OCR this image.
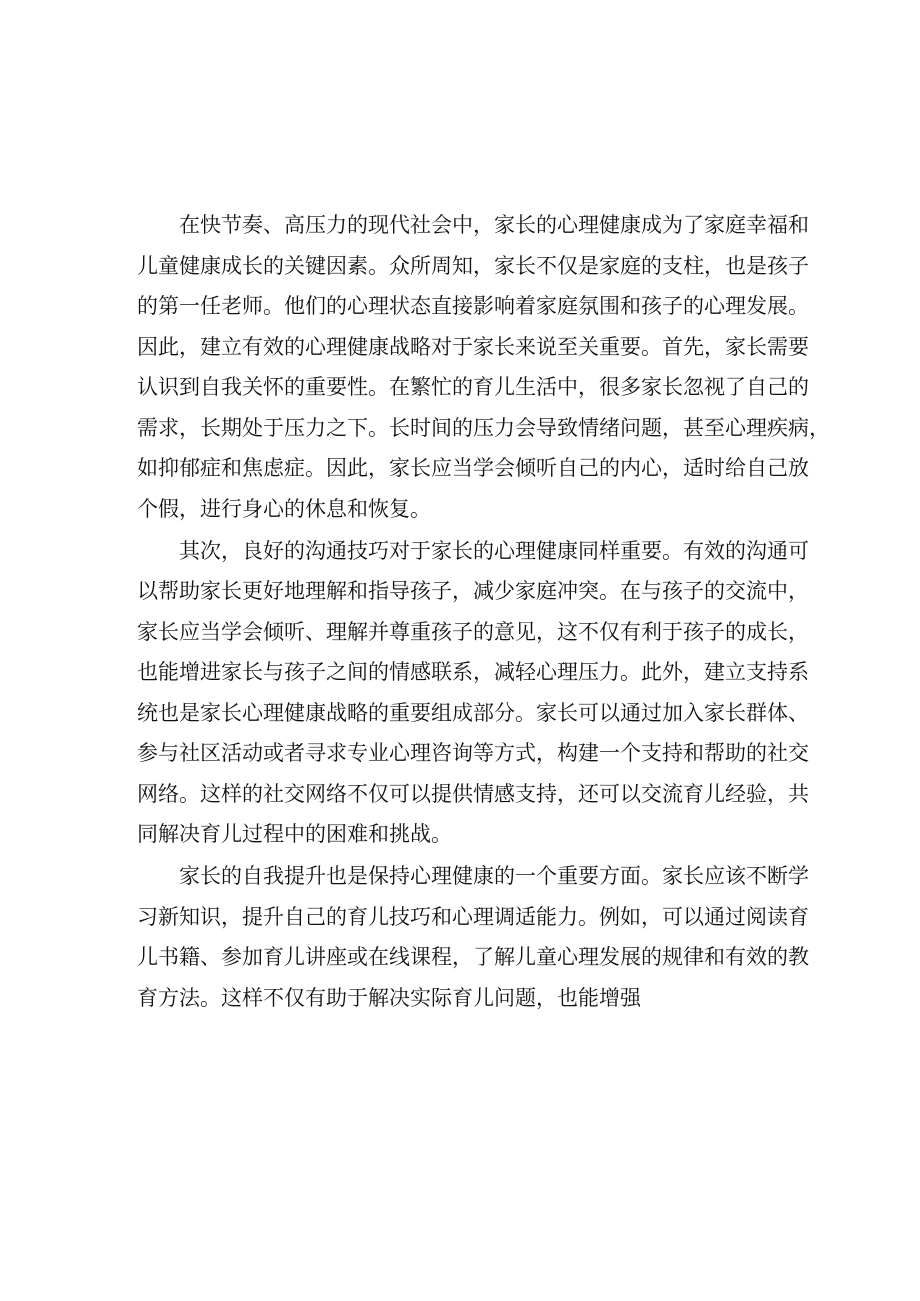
在快节奏、高压力的现代社会中，家长的心理健康成为了家庭幸福和
儿童健康成长的关键因素。众所周知，家长不仅是家庭的支柱，也是孩子
的第一任老师。他们的心理状态直接影响着家庭氛围和孩子的心理发展。
因此，建立有效的心理健康战略对于家长来说至关重要。首先，家长需要
认识到自我关怀的重要性。在繁忙的育儿生活中，很多家长忽视了自己的
需求，长期处于压力之下。长时间的压力会导致情绪问题，甚至心理疾病，
如抑郁症和焦虑症。因此，家长应当学会倾听自己的内心，适时给自己放
个假，进行身心的休息和恢复。
其次，良好的沟通技巧对于家长的心理健康同样重要。有效的沟通可
以帮助家长更好地理解和指导孩子，减少家庭冲突。在与孩子的交流中，
家长应当学会倾听、理解并尊重孩子的意见，这不仅有利于孩子的成长，
也能增进家长与孩子之间的情感联系，减轻心理压力。此外，建立支持系
统也是家长心理健康战略的重要组成部分。家长可以通过加入家长群体、
参与社区活动或者寻求专业心理咨询等方式，构建一个支持和帮助的社交
网络。这样的社交网络不仅可以提供情感支持，还可以交流育儿经验，共
同解决育儿过程中的困难和挑战。
家长的自我提升也是保持心理健康的一个重要方面。家长应该不断学
习新知识，提升自己的育儿技巧和心理调适能力。例如，可以通过阅读育
儿书籍、参加育儿讲座或在线课程，了解儿童心理发展的规律和有效的教
育方法。这样不仅有助于解决实际育儿问题，也能增强
